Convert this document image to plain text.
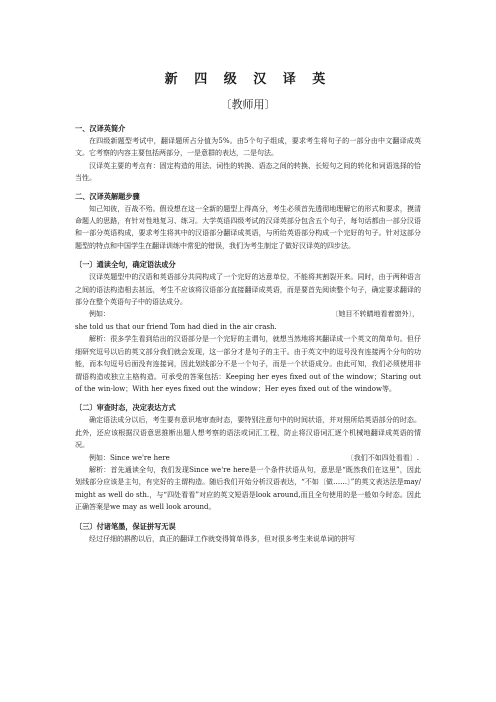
新 四 级 汉 译 英
〔教师用〕

一、汉译英简介

在四级新题型考试中，翻译题所占分值为5%。由5个句子组成，要求考生将句子的一部分由中文翻译成英文。它考察的内容主要包括两部分，一是意群的表达，二是句法。

汉译英主要的考点有：固定构造的用法、词性的转换、语态之间的转换、长短句之间的转化和词语选择的恰当性。

二、汉译英解题步骤

知己知彼，百战不殆。假设想在这一全新的题型上得高分，考生必须首先透彻地理解它的形式和要求，摸清命题人的思路，有针对性地复习、练习。大学英语四级考试的汉译英部分包含五个句子，每句话都由一部分汉语和一部分英语构成，要求考生将其中的汉语部分翻译成英语，与所给英语部分构成一个完好的句子。针对这部分题型的特点和中国学生在翻译训练中常犯的错误，我们为考生制定了做好汉译英的四步法。

〔一〕通读全句，确定语法成分

汉译英题型中的汉语和英语部分共同构成了一个完好的达意单位，不能将其割裂开来。同时，由于两种语言之间的语法构造相去甚远，考生不应该将汉语部分直接翻译成英语，而是要首先阅读整个句子，确定要求翻译的部分在整个英语句子中的语法成分。

例如：	〔她目不转睛地看着窗外〕，
she told us that our friend Tom had died in the air crash.

解析：很多学生看到给出的汉语部分是一个完好的主谓句，就想当然地将其翻译成一个英文的简单句。但仔细研究逗号以后的英文部分我们就会发现，这一部分才是句子的主干。由于英文中的逗号没有连接两个分句的功能，而本句逗号后面没有连接词，因此划线部分不是一个句子，而是一个状语成分。由此可知，我们必须使用非谓语构造或独立主格构造。可承受的答案包括：Keeping her eyes fixed out of the window；Staring out of the win-low；With her eyes fixed out the window；Her eyes fixed out of the window等。

〔二〕审查时态，决定表达方式

确定语法成分以后，考生要有意识地审查时态，要特别注意句中的时间状语，并对照所给英语部分的时态。此外，还应该根据汉语意思推断出题人想考察的语法或词汇工程，防止将汉语词汇逐个机械地翻译成英语的情况。

例如：Since we're here	〔我们不如四处看看〕.

解析：首先通读全句，我们发现Since we're here是一个条件状语从句，意思是“既然我们在这里”，因此划线部分应该是主句，有完好的主谓构造。随后我们开始分析汉语表达，“不如〔做……〕”的英文表达法是may/ might as well do sth.，与“四处看看”对应的英文短语是look around,而且全句使用的是一般如今时态。因此正确答案是we may as well look around。

〔三〕付诸笔墨，保证拼写无误

经过仔细的斟酌以后，真正的翻译工作就变得简单得多，但对很多考生来说单词的拼写
